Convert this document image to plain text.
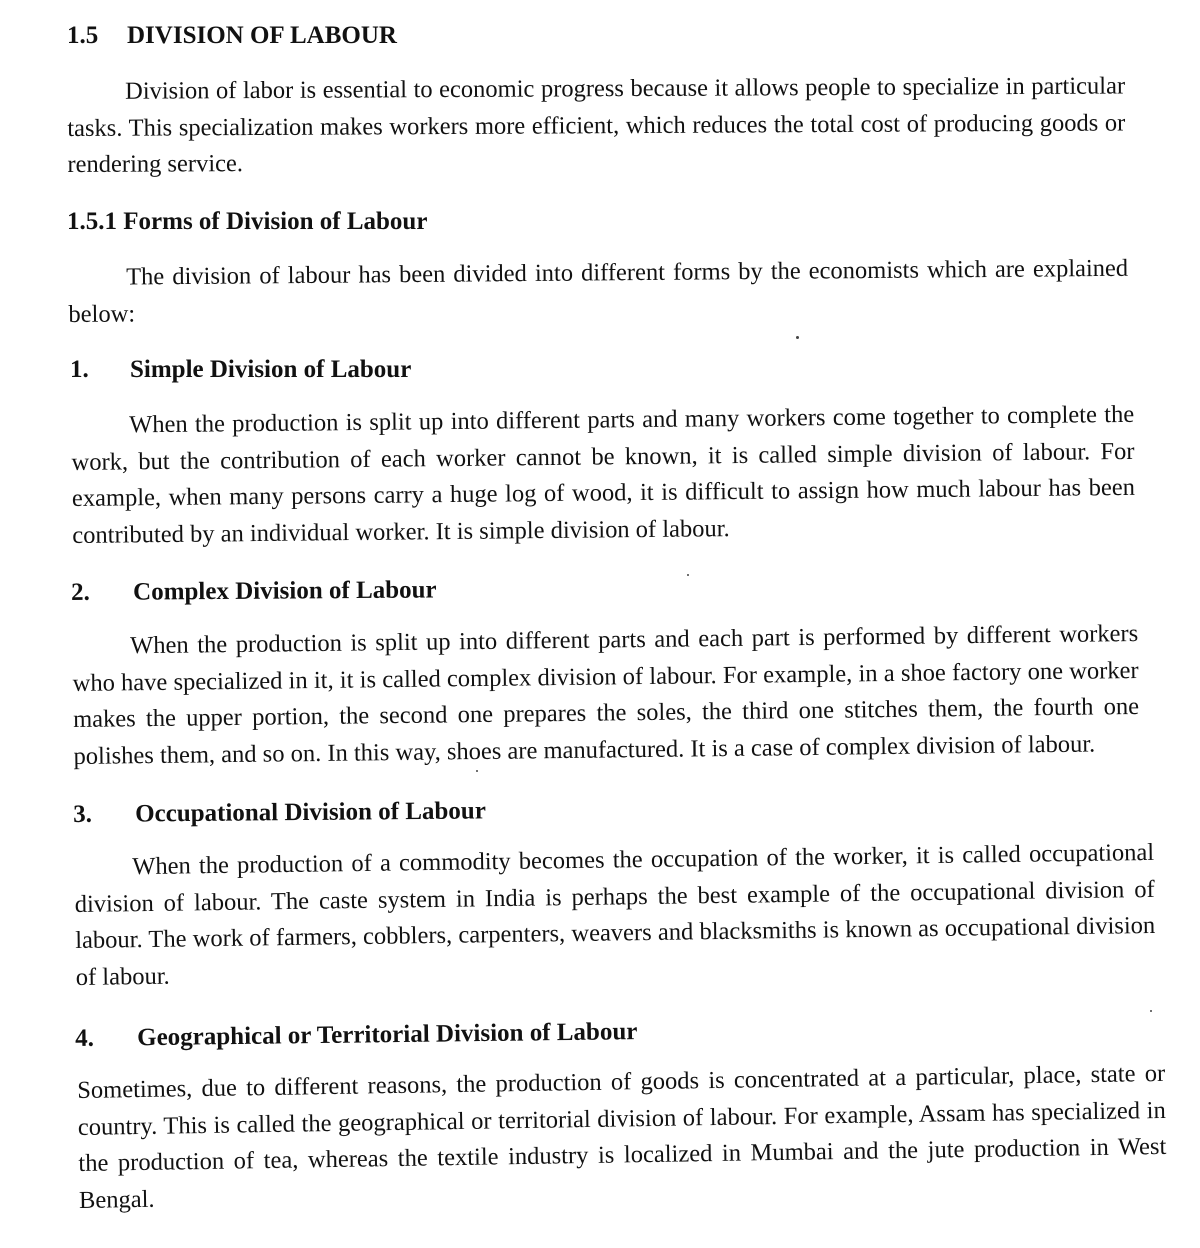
1.5 DIVISION OF LABOUR
Division of labor is essential to economic progress because it allows people to specialize in particular tasks. This specialization makes workers more efficient, which reduces the total cost of producing goods or rendering service.
1.5.1 Forms of Division of Labour
The division of labour has been divided into different forms by the economists which are explained below:
1. Simple Division of Labour
When the production is split up into different parts and many workers come together to complete the work, but the contribution of each worker cannot be known, it is called simple division of labour. For example, when many persons carry a huge log of wood, it is difficult to assign how much labour has been contributed by an individual worker. It is simple division of labour.
2. Complex Division of Labour
When the production is split up into different parts and each part is performed by different workers who have specialized in it, it is called complex division of labour. For example, in a shoe factory one worker makes the upper portion, the second one prepares the soles, the third one stitches them, the fourth one polishes them, and so on. In this way, shoes are manufactured. It is a case of complex division of labour.
3. Occupational Division of Labour
When the production of a commodity becomes the occupation of the worker, it is called occupational division of labour. The caste system in India is perhaps the best example of the occupational division of labour. The work of farmers, cobblers, carpenters, weavers and blacksmiths is known as occupational division of labour.
4. Geographical or Territorial Division of Labour
Sometimes, due to different reasons, the production of goods is concentrated at a particular, place, state or country. This is called the geographical or territorial division of labour. For example, Assam has specialized in the production of tea, whereas the textile industry is localized in Mumbai and the jute production in West Bengal.
